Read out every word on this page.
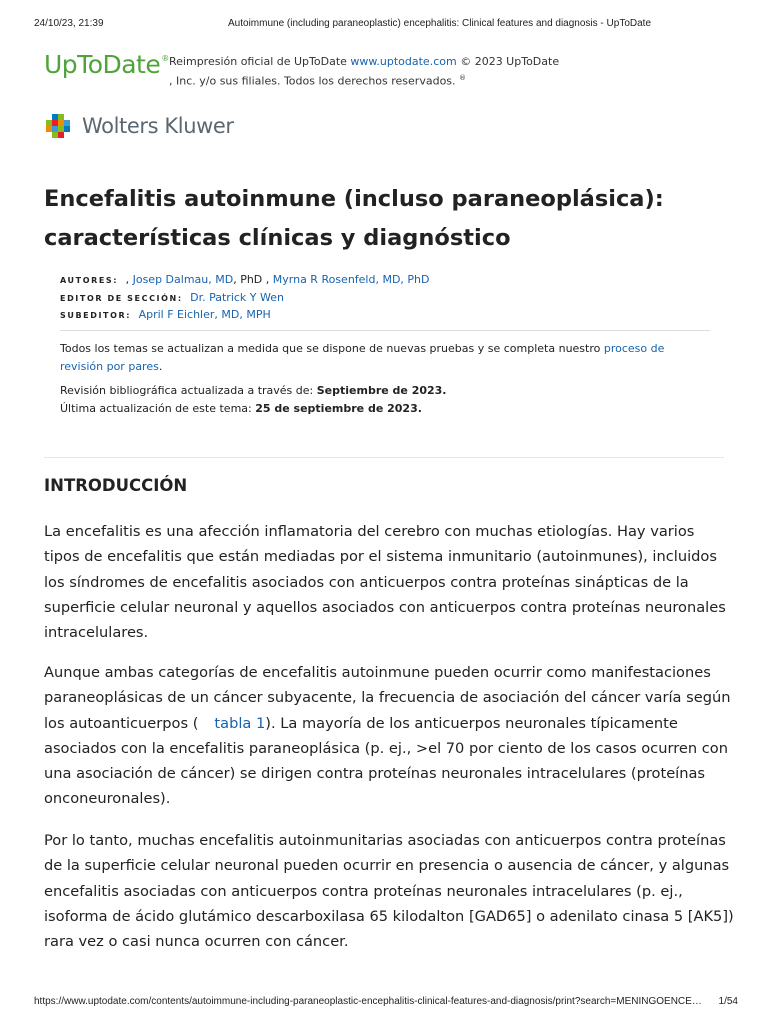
24/10/23, 21:39	Autoimmune (including paraneoplastic) encephalitis: Clinical features and diagnosis - UpToDate
UpToDate® Reimpresión oficial de UpToDate www.uptodate.com © 2023 UpToDate
, Inc. y/o sus filiales. Todos los derechos reservados. ®
Wolters Kluwer
Encefalitis autoinmune (incluso paraneoplásica):
características clínicas y diagnóstico
AUTORES: , Josep Dalmau, MD, PhD , Myrna R Rosenfeld, MD, PhD
EDITOR DE SECCIÓN: Dr. Patrick Y Wen
SUBEDITOR: April F Eichler, MD, MPH
Todos los temas se actualizan a medida que se dispone de nuevas pruebas y se completa nuestro proceso de revisión por pares.
Revisión bibliográfica actualizada a través de: Septiembre de 2023.
Última actualización de este tema: 25 de septiembre de 2023.
INTRODUCCIÓN

La encefalitis es una afección inflamatoria del cerebro con muchas etiologías. Hay varios tipos de encefalitis que están mediadas por el sistema inmunitario (autoinmunes), incluidos los síndromes de encefalitis asociados con anticuerpos contra proteínas sinápticas de la superficie celular neuronal y aquellos asociados con anticuerpos contra proteínas neuronales intracelulares.

Aunque ambas categorías de encefalitis autoinmune pueden ocurrir como manifestaciones paraneoplásicas de un cáncer subyacente, la frecuencia de asociación del cáncer varía según los autoanticuerpos ( tabla 1). La mayoría de los anticuerpos neuronales típicamente asociados con la encefalitis paraneoplásica (p. ej., >el 70 por ciento de los casos ocurren con una asociación de cáncer) se dirigen contra proteínas neuronales intracelulares (proteínas onconeuronales).

Por lo tanto, muchas encefalitis autoinmunitarias asociadas con anticuerpos contra proteínas de la superficie celular neuronal pueden ocurrir en presencia o ausencia de cáncer, y algunas encefalitis asociadas con anticuerpos contra proteínas neuronales intracelulares (p. ej., isoforma de ácido glutámico descarboxilasa 65 kilodalton [GAD65] o adenilato cinasa 5 [AK5]) rara vez o casi nunca ocurren con cáncer.

https://www.uptodate.com/contents/autoimmune-including-paraneoplastic-encephalitis-clinical-features-and-diagnosis/print?search=MENINGOENCE…	1/54
